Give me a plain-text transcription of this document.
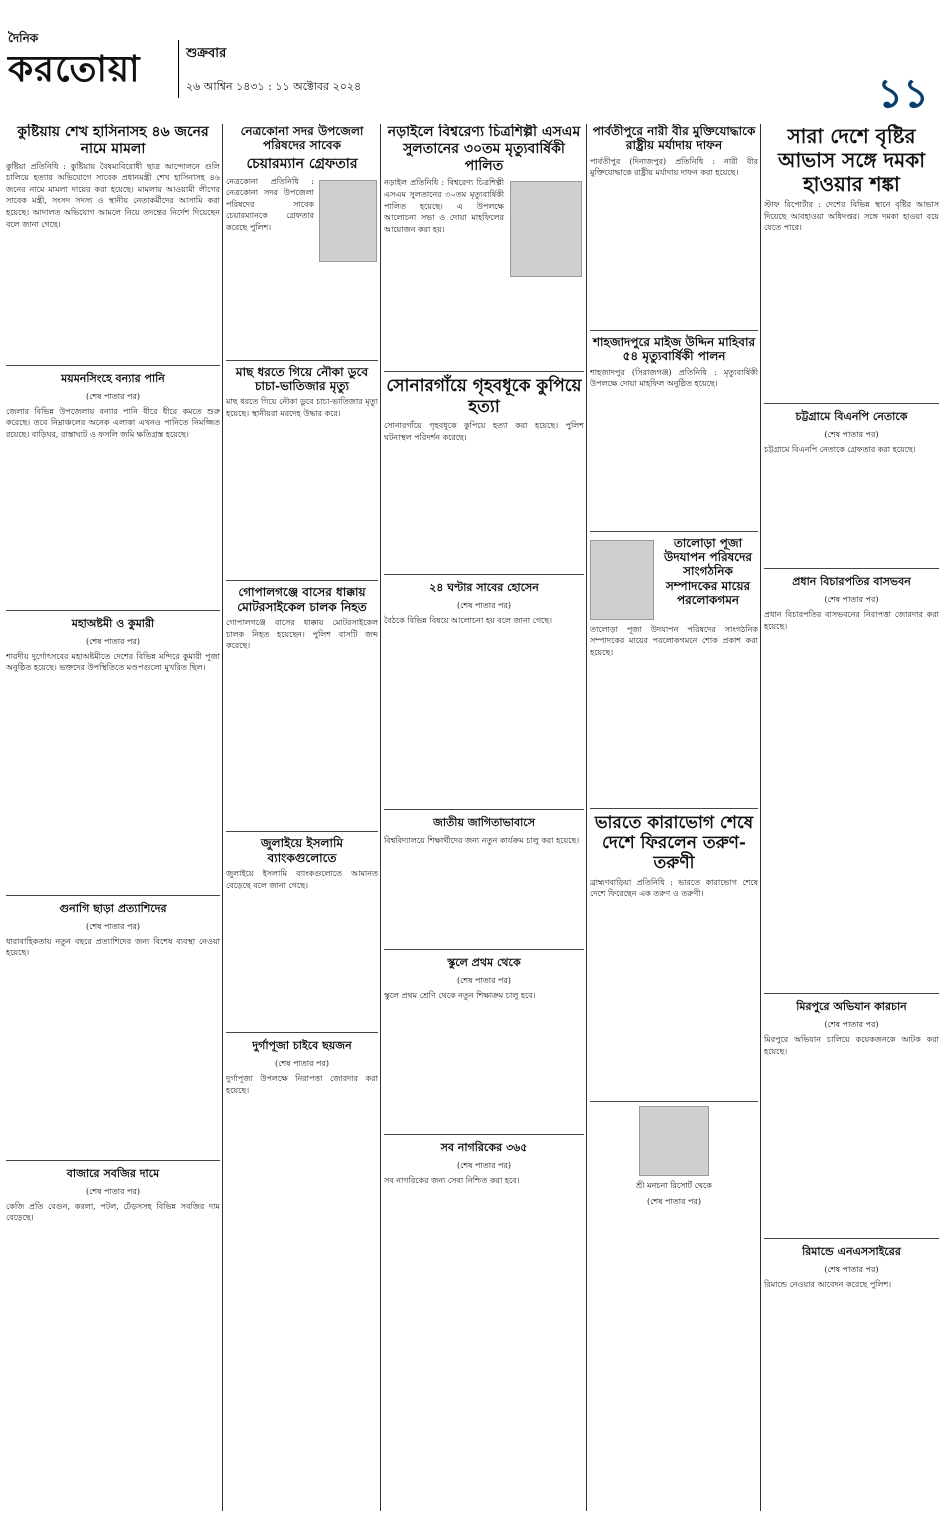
দৈনিক
করতোয়া	শুক্রবার
২৬ আশ্বিন ১৪৩১ : ১১ অক্টোবর ২০২৪	১১
কুষ্টিয়ায় শেখ হাসিনাসহ ৪৬ জনের নামে মামলা
কুষ্টিয়া প্রতিনিধি : কুষ্টিয়ায় বৈষম্যবিরোধী ছাত্র আন্দোলনে গুলি চালিয়ে হত্যার অভিযোগে সাবেক প্রধানমন্ত্রী শেখ হাসিনাসহ ৪৬ জনের নামে মামলা দায়ের করা হয়েছে। মামলায় আওয়ামী লীগের সাবেক মন্ত্রী, সংসদ সদস্য ও স্থানীয় নেতাকর্মীদের আসামি করা হয়েছে। আদালত অভিযোগ আমলে নিয়ে তদন্তের নির্দেশ দিয়েছেন বলে জানা গেছে।
ময়মনসিংহে বন্যার পানি
(শেষ পাতার পর)
জেলার বিভিন্ন উপজেলায় বন্যার পানি ধীরে ধীরে কমতে শুরু করেছে। তবে নিম্নাঞ্চলের অনেক এলাকা এখনও পানিতে নিমজ্জিত রয়েছে। বাড়িঘর, রাস্তাঘাট ও ফসলি জমি ক্ষতিগ্রস্ত হয়েছে।
মহাঅষ্টমী ও কুমারী
(শেষ পাতার পর)
শারদীয় দুর্গোৎসবের মহাঅষ্টমীতে দেশের বিভিন্ন মন্দিরে কুমারী পূজা অনুষ্ঠিত হয়েছে। ভক্তদের উপস্থিতিতে মণ্ডপগুলো মুখরিত ছিল।
গুনাগি ছাড়া প্রত্যাশিদের
(শেষ পাতার পর)
ধারাবাহিকতায় নতুন বছরে প্রত্যাশিদের জন্য বিশেষ ব্যবস্থা নেওয়া হয়েছে।
বাজারে সবজির দামে
(শেষ পাতার পর)
কেজি প্রতি বেগুন, করলা, পটল, ঢেঁড়সসহ বিভিন্ন সবজির দাম বেড়েছে।
নেত্রকোনা সদর উপজেলা পরিষদের সাবেক
চেয়ারম্যান গ্রেফতার
নেত্রকোনা প্রতিনিধি : নেত্রকোনা সদর উপজেলা পরিষদের সাবেক চেয়ারম্যানকে গ্রেফতার করেছে পুলিশ।
মাছ ধরতে গিয়ে নৌকা ডুবে চাচা-ভাতিজার মৃত্যু
মাছ ধরতে গিয়ে নৌকা ডুবে চাচা-ভাতিজার মৃত্যু হয়েছে। স্থানীয়রা মরদেহ উদ্ধার করে।
গোপালগঞ্জে বাসের ধাক্কায় মোটরসাইকেল চালক নিহত
গোপালগঞ্জে বাসের ধাক্কায় মোটরসাইকেল চালক নিহত হয়েছেন। পুলিশ বাসটি জব্দ করেছে।
জুলাইয়ে ইসলামি ব্যাংকগুলোতে
জুলাইয়ে ইসলামি ব্যাংকগুলোতে আমানত বেড়েছে বলে জানা গেছে।
দুর্গাপূজা চাইবে ছয়জন
(শেষ পাতার পর)
দুর্গাপূজা উপলক্ষে নিরাপত্তা জোরদার করা হয়েছে।
নড়াইলে বিশ্বরেণ্য চিত্রশিল্পী এসএম সুলতানের ৩০তম মৃত্যুবার্ষিকী পালিত
নড়াইল প্রতিনিধি : বিশ্বরেণ্য চিত্রশিল্পী এসএম সুলতানের ৩০তম মৃত্যুবার্ষিকী পালিত হয়েছে। এ উপলক্ষে আলোচনা সভা ও দোয়া মাহফিলের আয়োজন করা হয়।
সোনারগাঁয়ে গৃহবধূকে কুপিয়ে হত্যা
সোনারগাঁয়ে গৃহবধূকে কুপিয়ে হত্যা করা হয়েছে। পুলিশ ঘটনাস্থল পরিদর্শন করেছে।
২৪ ঘণ্টার সাবের হোসেন
(শেষ পাতার পর)
বৈঠকে বিভিন্ন বিষয়ে আলোচনা হয় বলে জানা গেছে।
জাতীয় জাগিতাভাবাসে
বিশ্ববিদ্যালয়ে শিক্ষার্থীদের জন্য নতুন কার্যক্রম চালু করা হয়েছে।
স্কুলে প্রথম থেকে
(শেষ পাতার পর)
স্কুলে প্রথম শ্রেণি থেকে নতুন শিক্ষাক্রম চালু হবে।
সব নাগরিকের ৩৬৫
(শেষ পাতার পর)
সব নাগরিকের জন্য সেবা নিশ্চিত করা হবে।
পার্বতীপুরে নারী বীর মুক্তিযোদ্ধাকে রাষ্ট্রীয় মর্যাদায় দাফন
পার্বতীপুর (দিনাজপুর) প্রতিনিধি : নারী বীর মুক্তিযোদ্ধাকে রাষ্ট্রীয় মর্যাদায় দাফন করা হয়েছে।
শাহজাদপুরে মাইজ উদ্দিন মাহিবার ৫৪ মৃত্যুবার্ষিকী পালন
শাহজাদপুর (সিরাজগঞ্জ) প্রতিনিধি : মৃত্যুবার্ষিকী উপলক্ষে দোয়া মাহফিল অনুষ্ঠিত হয়েছে।
তালোড়া পূজা উদযাপন পরিষদের সাংগঠনিক সম্পাদকের মায়ের পরলোকগমন
তালোড়া পূজা উদযাপন পরিষদের সাংগঠনিক সম্পাদকের মায়ের পরলোকগমনে শোক প্রকাশ করা হয়েছে।
ভারতে কারাভোগ শেষে দেশে ফিরলেন তরুণ-তরুণী
ব্রাহ্মণবাড়িয়া প্রতিনিধি : ভারতে কারাভোগ শেষে দেশে ফিরেছেন এক তরুণ ও তরুণী।
শ্রী মনচনা রিসোর্ট থেকে
(শেষ পাতার পর)
সারা দেশে বৃষ্টির আভাস সঙ্গে দমকা হাওয়ার শঙ্কা
স্টাফ রিপোর্টার : দেশের বিভিন্ন স্থানে বৃষ্টির আভাস দিয়েছে আবহাওয়া অধিদপ্তর। সঙ্গে দমকা হাওয়া বয়ে যেতে পারে।
চট্টগ্রামে বিএনপি নেতাকে
(শেষ পাতার পর)
চট্টগ্রামে বিএনপি নেতাকে গ্রেফতার করা হয়েছে।
প্রধান বিচারপতির বাসভবন
(শেষ পাতার পর)
প্রধান বিচারপতির বাসভবনের নিরাপত্তা জোরদার করা হয়েছে।
মিরপুরে অভিযান কারচান
(শেষ পাতার পর)
মিরপুরে অভিযান চালিয়ে কয়েকজনকে আটক করা হয়েছে।
রিমান্ডে এনএসসাইরের
(শেষ পাতার পর)
রিমান্ডে নেওয়ার আবেদন করেছে পুলিশ।
